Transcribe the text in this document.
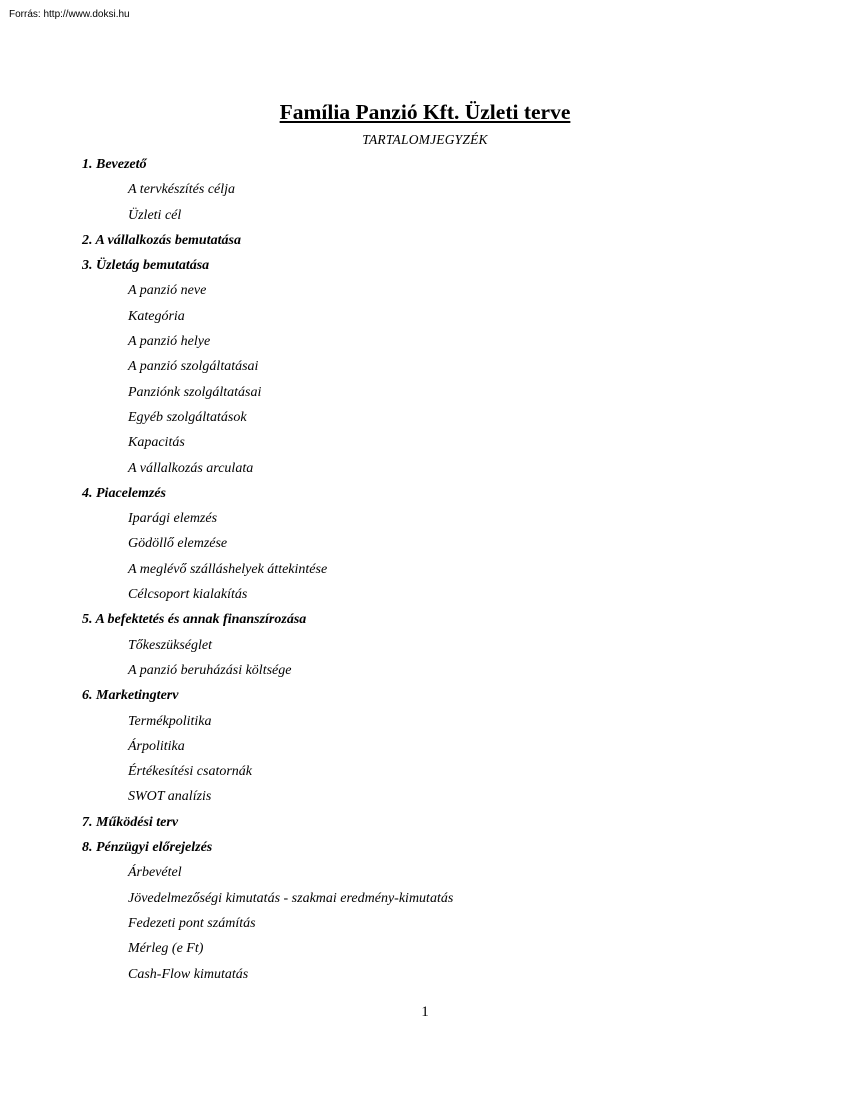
Forrás: http://www.doksi.hu
Família Panzió Kft. Üzleti terve
TARTALOMJEGYZÉK
1. Bevezető
A tervkészítés célja
Üzleti cél
2. A vállalkozás bemutatása
3. Üzletág bemutatása
A panzió neve
Kategória
A panzió helye
A panzió szolgáltatásai
Panziónk szolgáltatásai
Egyéb szolgáltatások
Kapacitás
A vállalkozás arculata
4. Piacelemzés
Iparági elemzés
Gödöllő elemzése
A meglévő szálláshelyek áttekintése
Célcsoport kialakítás
5. A befektetés és annak finanszírozása
Tőkeszükséglet
A panzió beruházási költsége
6. Marketingterv
Termékpolitika
Árpolitika
Értékesítési csatornák
SWOT analízis
7. Működési terv
8. Pénzügyi előrejelzés
Árbevétel
Jövedelmezőségi kimutatás - szakmai eredmény-kimutatás
Fedezeti pont számítás
Mérleg (e Ft)
Cash-Flow kimutatás
1
